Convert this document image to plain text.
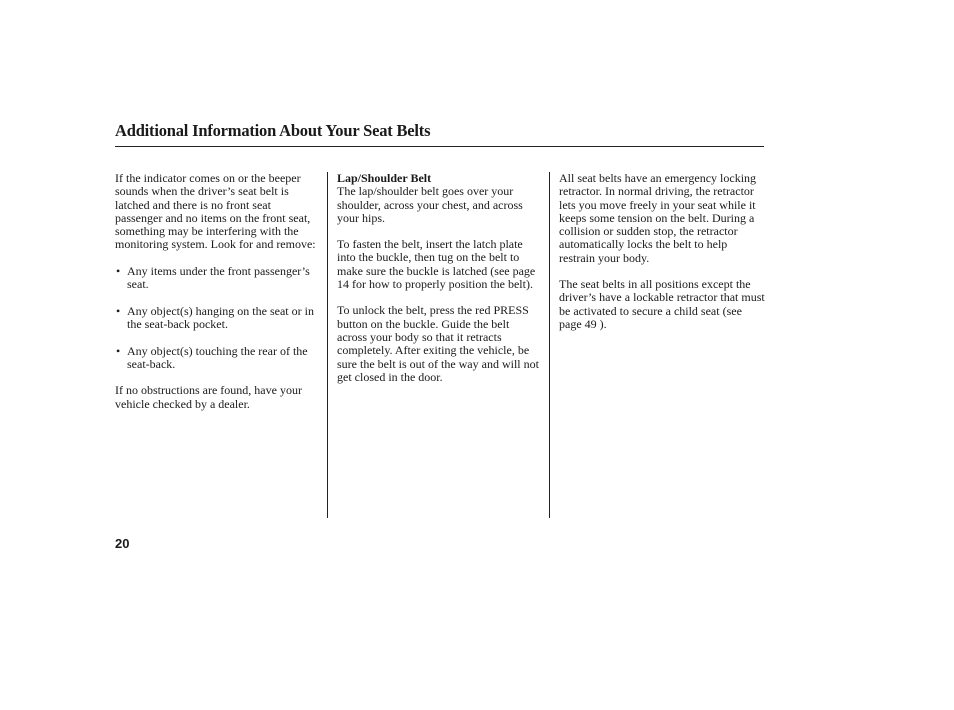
Additional Information About Your Seat Belts

If the indicator comes on or the beeper sounds when the driver’s seat belt is latched and there is no front seat passenger and no items on the front seat, something may be interfering with the monitoring system. Look for and remove:

• Any items under the front passenger’s seat.
• Any object(s) hanging on the seat or in the seat-back pocket.
• Any object(s) touching the rear of the seat-back.

If no obstructions are found, have your vehicle checked by a dealer.

Lap/Shoulder Belt
The lap/shoulder belt goes over your shoulder, across your chest, and across your hips.

To fasten the belt, insert the latch plate into the buckle, then tug on the belt to make sure the buckle is latched (see page 14 for how to properly position the belt).

To unlock the belt, press the red PRESS button on the buckle. Guide the belt across your body so that it retracts completely. After exiting the vehicle, be sure the belt is out of the way and will not get closed in the door.

All seat belts have an emergency locking retractor. In normal driving, the retractor lets you move freely in your seat while it keeps some tension on the belt. During a collision or sudden stop, the retractor automatically locks the belt to help restrain your body.

The seat belts in all positions except the driver’s have a lockable retractor that must be activated to secure a child seat (see page 49 ).

20
